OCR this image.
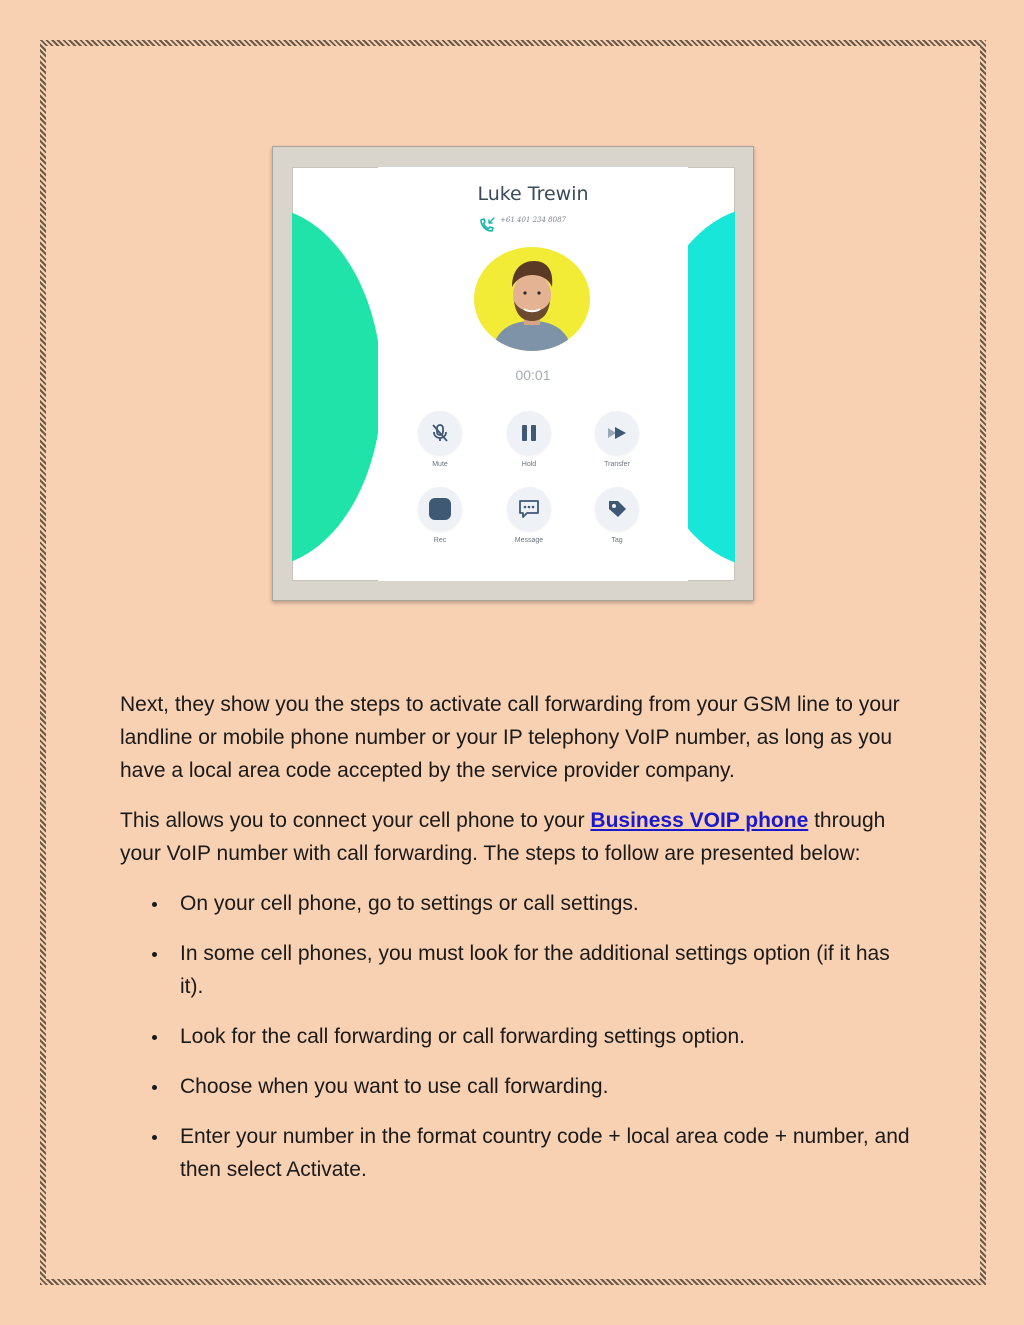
Luke Trewin
+61 401 234 8087
00:01
Mute	Hold	Transfer
Rec	Message	Tag

Next, they show you the steps to activate call forwarding from your GSM line to your landline or mobile phone number or your IP telephony VoIP number, as long as you have a local area code accepted by the service provider company.

This allows you to connect your cell phone to your Business VOIP phone through your VoIP number with call forwarding. The steps to follow are presented below:

On your cell phone, go to settings or call settings.
In some cell phones, you must look for the additional settings option (if it has it).
Look for the call forwarding or call forwarding settings option.
Choose when you want to use call forwarding.
Enter your number in the format country code + local area code + number, and then select Activate.
